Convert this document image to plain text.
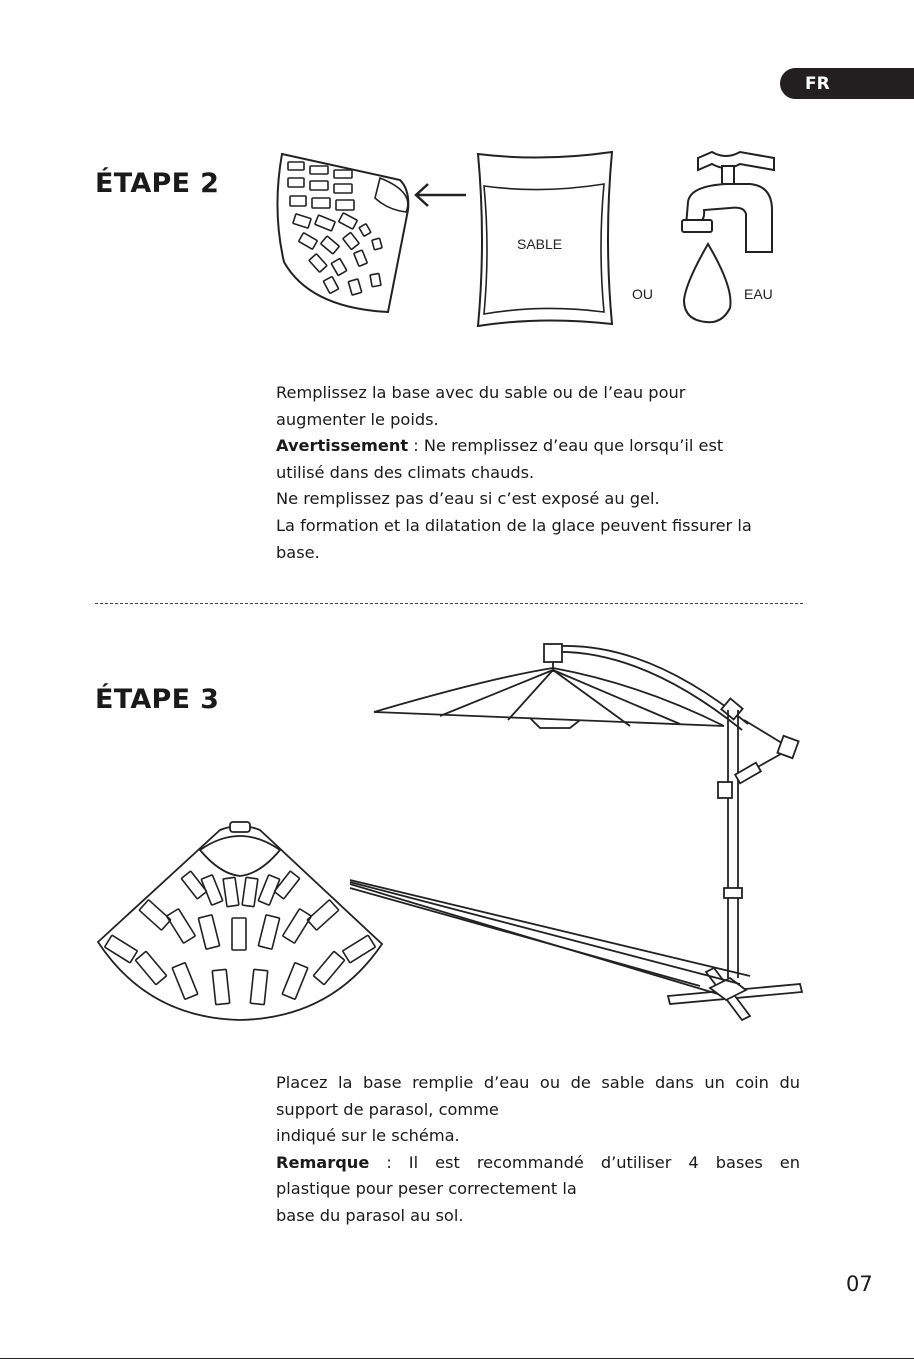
FR
ÉTAPE 2
SABLE
OU	EAU

Remplissez la base avec du sable ou de l’eau pour

augmenter le poids.

Avertissement : Ne remplissez d’eau que lorsqu’il est

utilisé dans des climats chauds.

Ne remplissez pas d’eau si c’est exposé au gel.

La formation et la dilatation de la glace peuvent fissurer la

base.

ÉTAPE 3

Placez la base remplie d’eau ou de sable dans un coin du

support de parasol, comme

indiqué sur le schéma.

Remarque : Il est recommandé d’utiliser 4 bases en

plastique pour peser correctement la

base du parasol au sol.

07
